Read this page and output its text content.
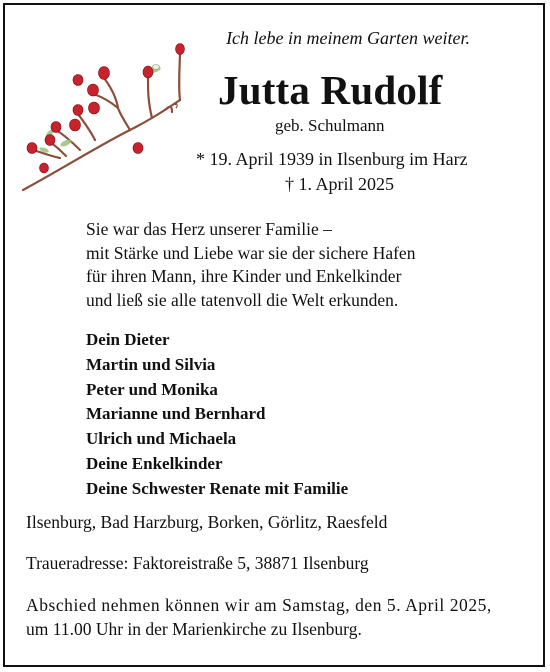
Ich lebe in meinem Garten weiter.
Jutta Rudolf
geb. Schulmann
* 19. April 1939 in Ilsenburg im Harz
† 1. April 2025
Sie war das Herz unserer Familie –
mit Stärke und Liebe war sie der sichere Hafen
für ihren Mann, ihre Kinder und Enkelkinder
und ließ sie alle tatenvoll die Welt erkunden.
Dein Dieter
Martin und Silvia
Peter und Monika
Marianne und Bernhard
Ulrich und Michaela
Deine Enkelkinder
Deine Schwester Renate mit Familie
Ilsenburg, Bad Harzburg, Borken, Görlitz, Raesfeld
Traueradresse: Faktoreistraße 5, 38871 Ilsenburg
Abschied nehmen können wir am Samstag, den 5. April 2025,
um 11.00 Uhr in der Marienkirche zu Ilsenburg.
